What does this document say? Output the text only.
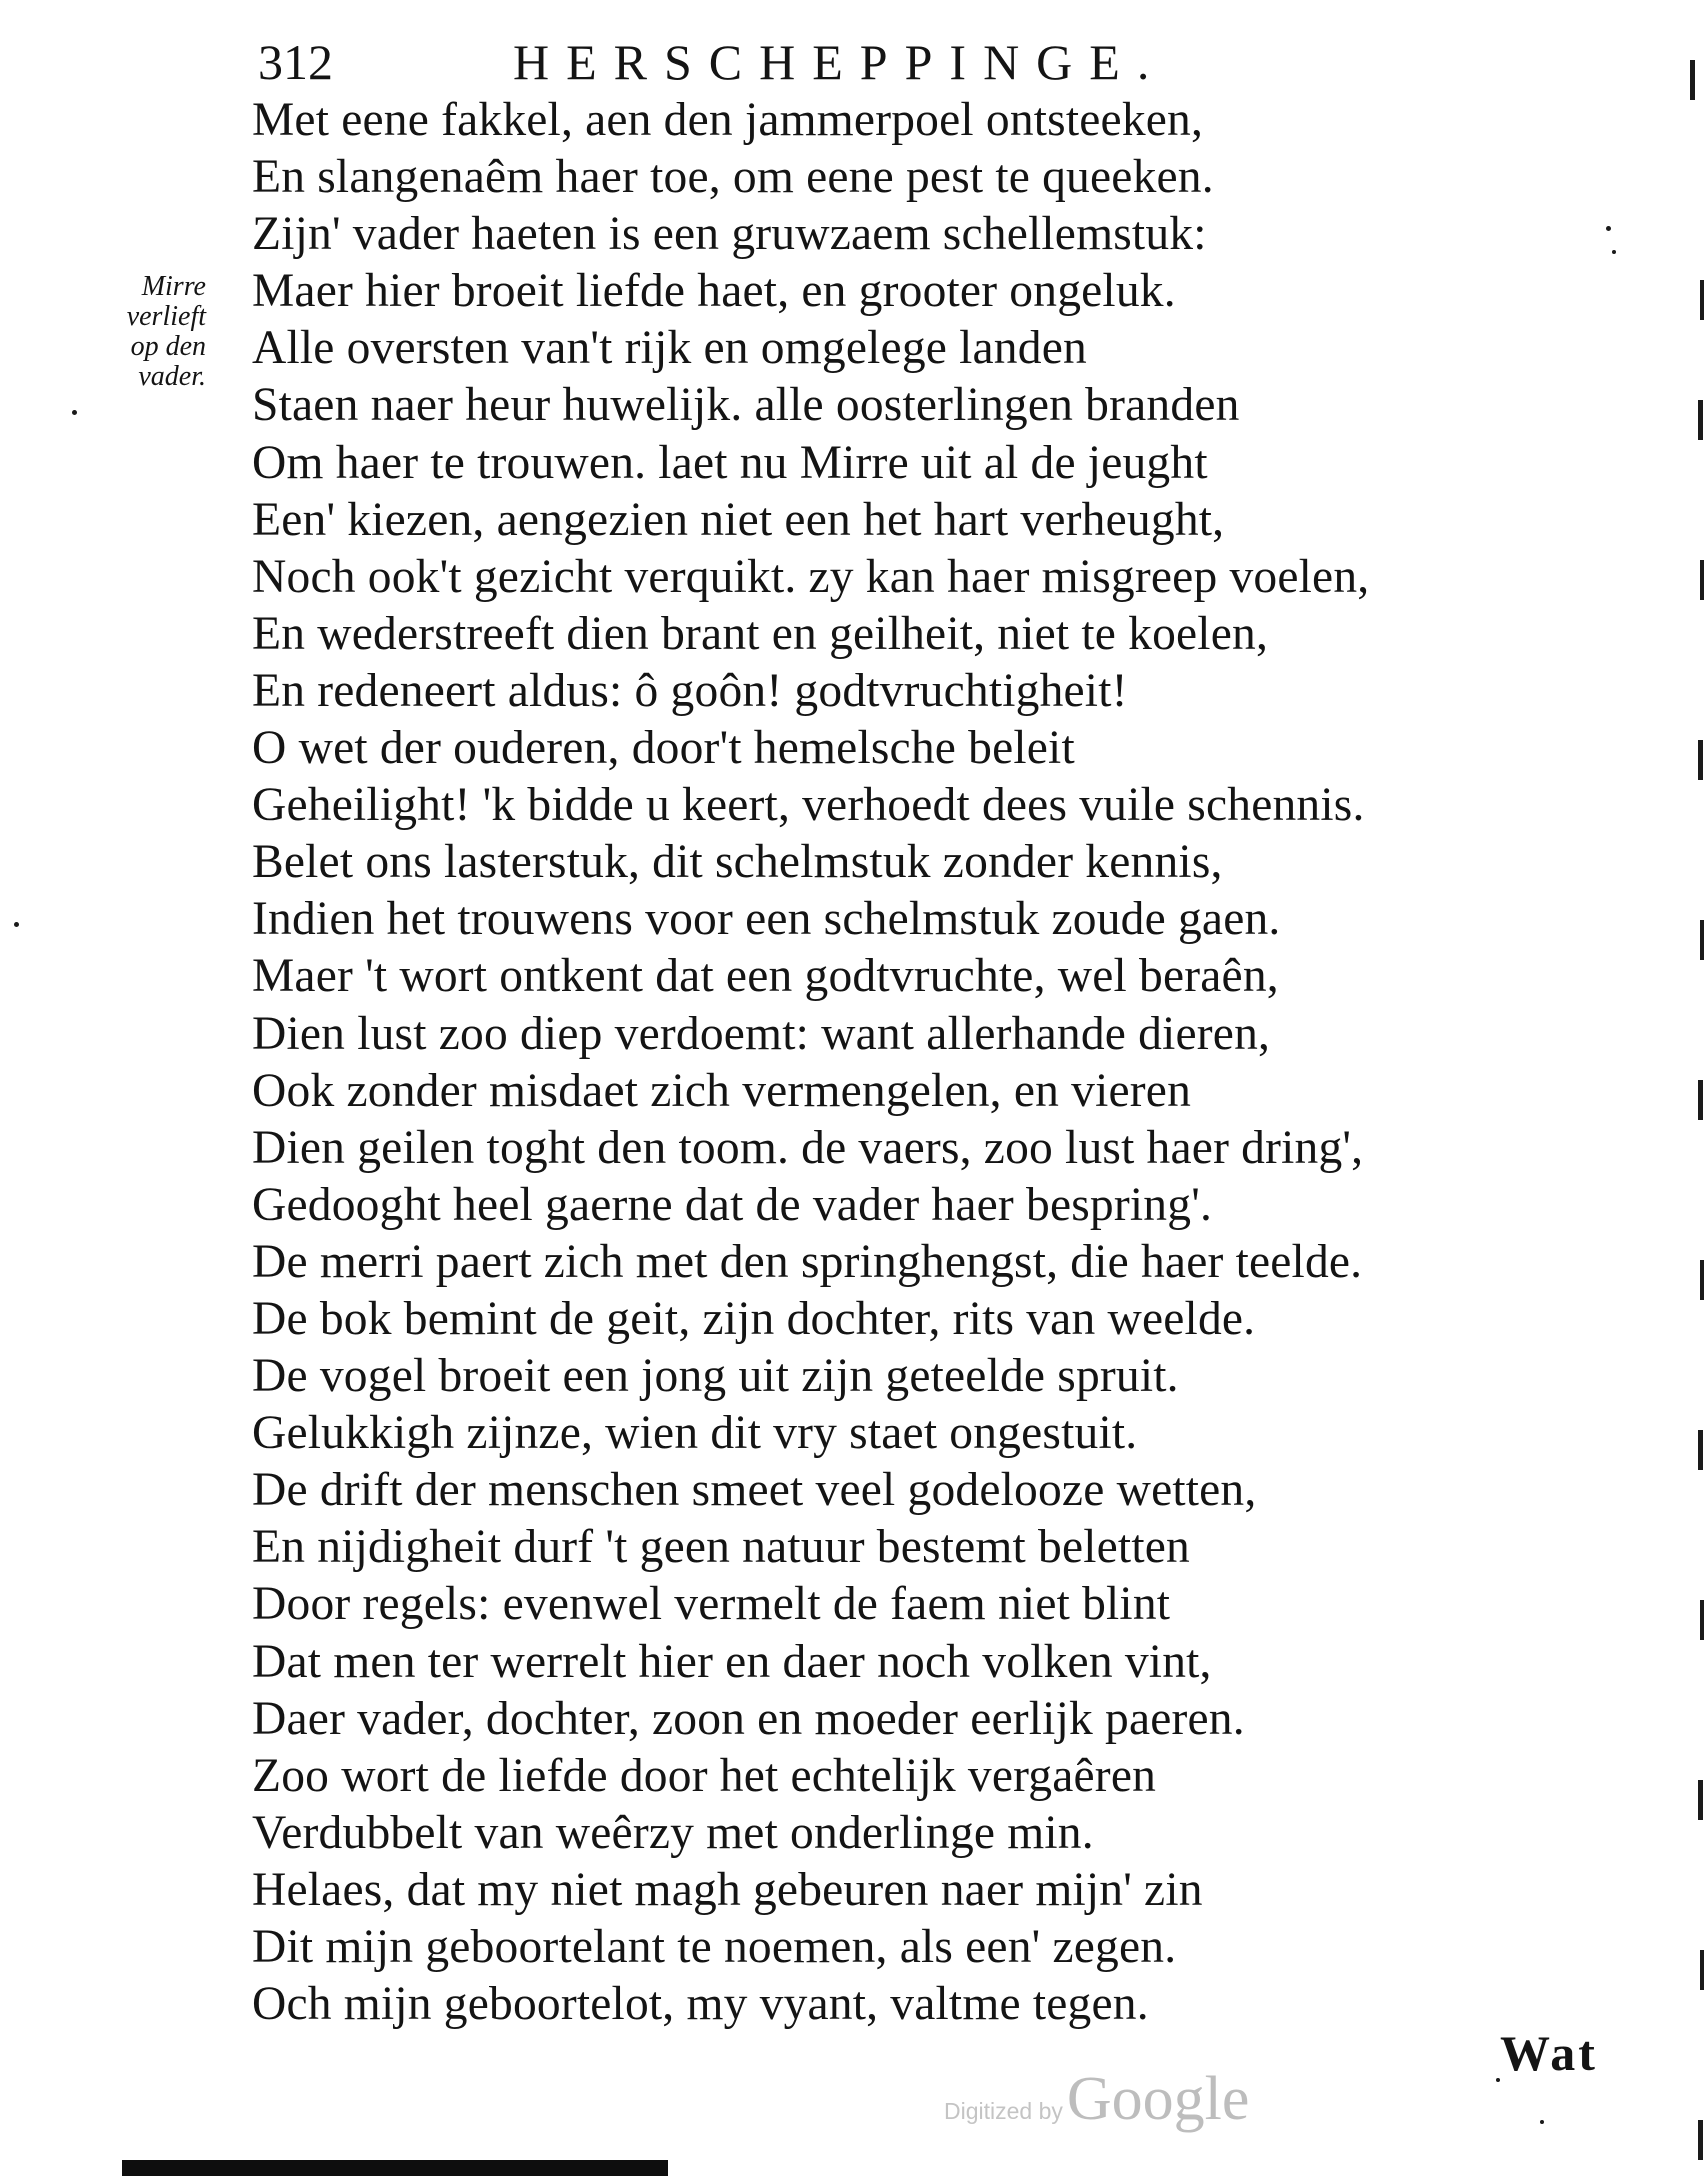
312	HERSCHEPPINGE.
Mirre
verlieft
op den
vader.
Met eene fakkel, aen den jammerpoel ontsteeken,
En slangenaêm haer toe, om eene pest te queeken.
Zijn' vader haeten is een gruwzaem schellemstuk:
Maer hier broeit liefde haet, en grooter ongeluk.
Alle oversten van't rijk en omgelege landen
Staen naer heur huwelijk. alle oosterlingen branden
Om haer te trouwen. laet nu Mirre uit al de jeught
Een' kiezen, aengezien niet een het hart verheught,
Noch ook't gezicht verquikt. zy kan haer misgreep voelen,
En wederstreeft dien brant en geilheit, niet te koelen,
En redeneert aldus: ô goôn! godtvruchtigheit!
O wet der ouderen, door't hemelsche beleit
Geheilight! 'k bidde u keert, verhoedt dees vuile schennis.
Belet ons lasterstuk, dit schelmstuk zonder kennis,
Indien het trouwens voor een schelmstuk zoude gaen.
Maer 't wort ontkent dat een godtvruchte, wel beraên,
Dien lust zoo diep verdoemt: want allerhande dieren,
Ook zonder misdaet zich vermengelen, en vieren
Dien geilen toght den toom. de vaers, zoo lust haer dring',
Gedooght heel gaerne dat de vader haer bespring'.
De merri paert zich met den springhengst, die haer teelde.
De bok bemint de geit, zijn dochter, rits van weelde.
De vogel broeit een jong uit zijn geteelde spruit.
Gelukkigh zijnze, wien dit vry staet ongestuit.
De drift der menschen smeet veel godelooze wetten,
En nijdigheit durf 't geen natuur bestemt beletten
Door regels: evenwel vermelt de faem niet blint
Dat men ter werrelt hier en daer noch volken vint,
Daer vader, dochter, zoon en moeder eerlijk paeren.
Zoo wort de liefde door het echtelijk vergaêren
Verdubbelt van weêrzy met onderlinge min.
Helaes, dat my niet magh gebeuren naer mijn' zin
Dit mijn geboortelant te noemen, als een' zegen.
Och mijn geboortelot, my vyant, valtme tegen.
Wat
Digitized by Google
